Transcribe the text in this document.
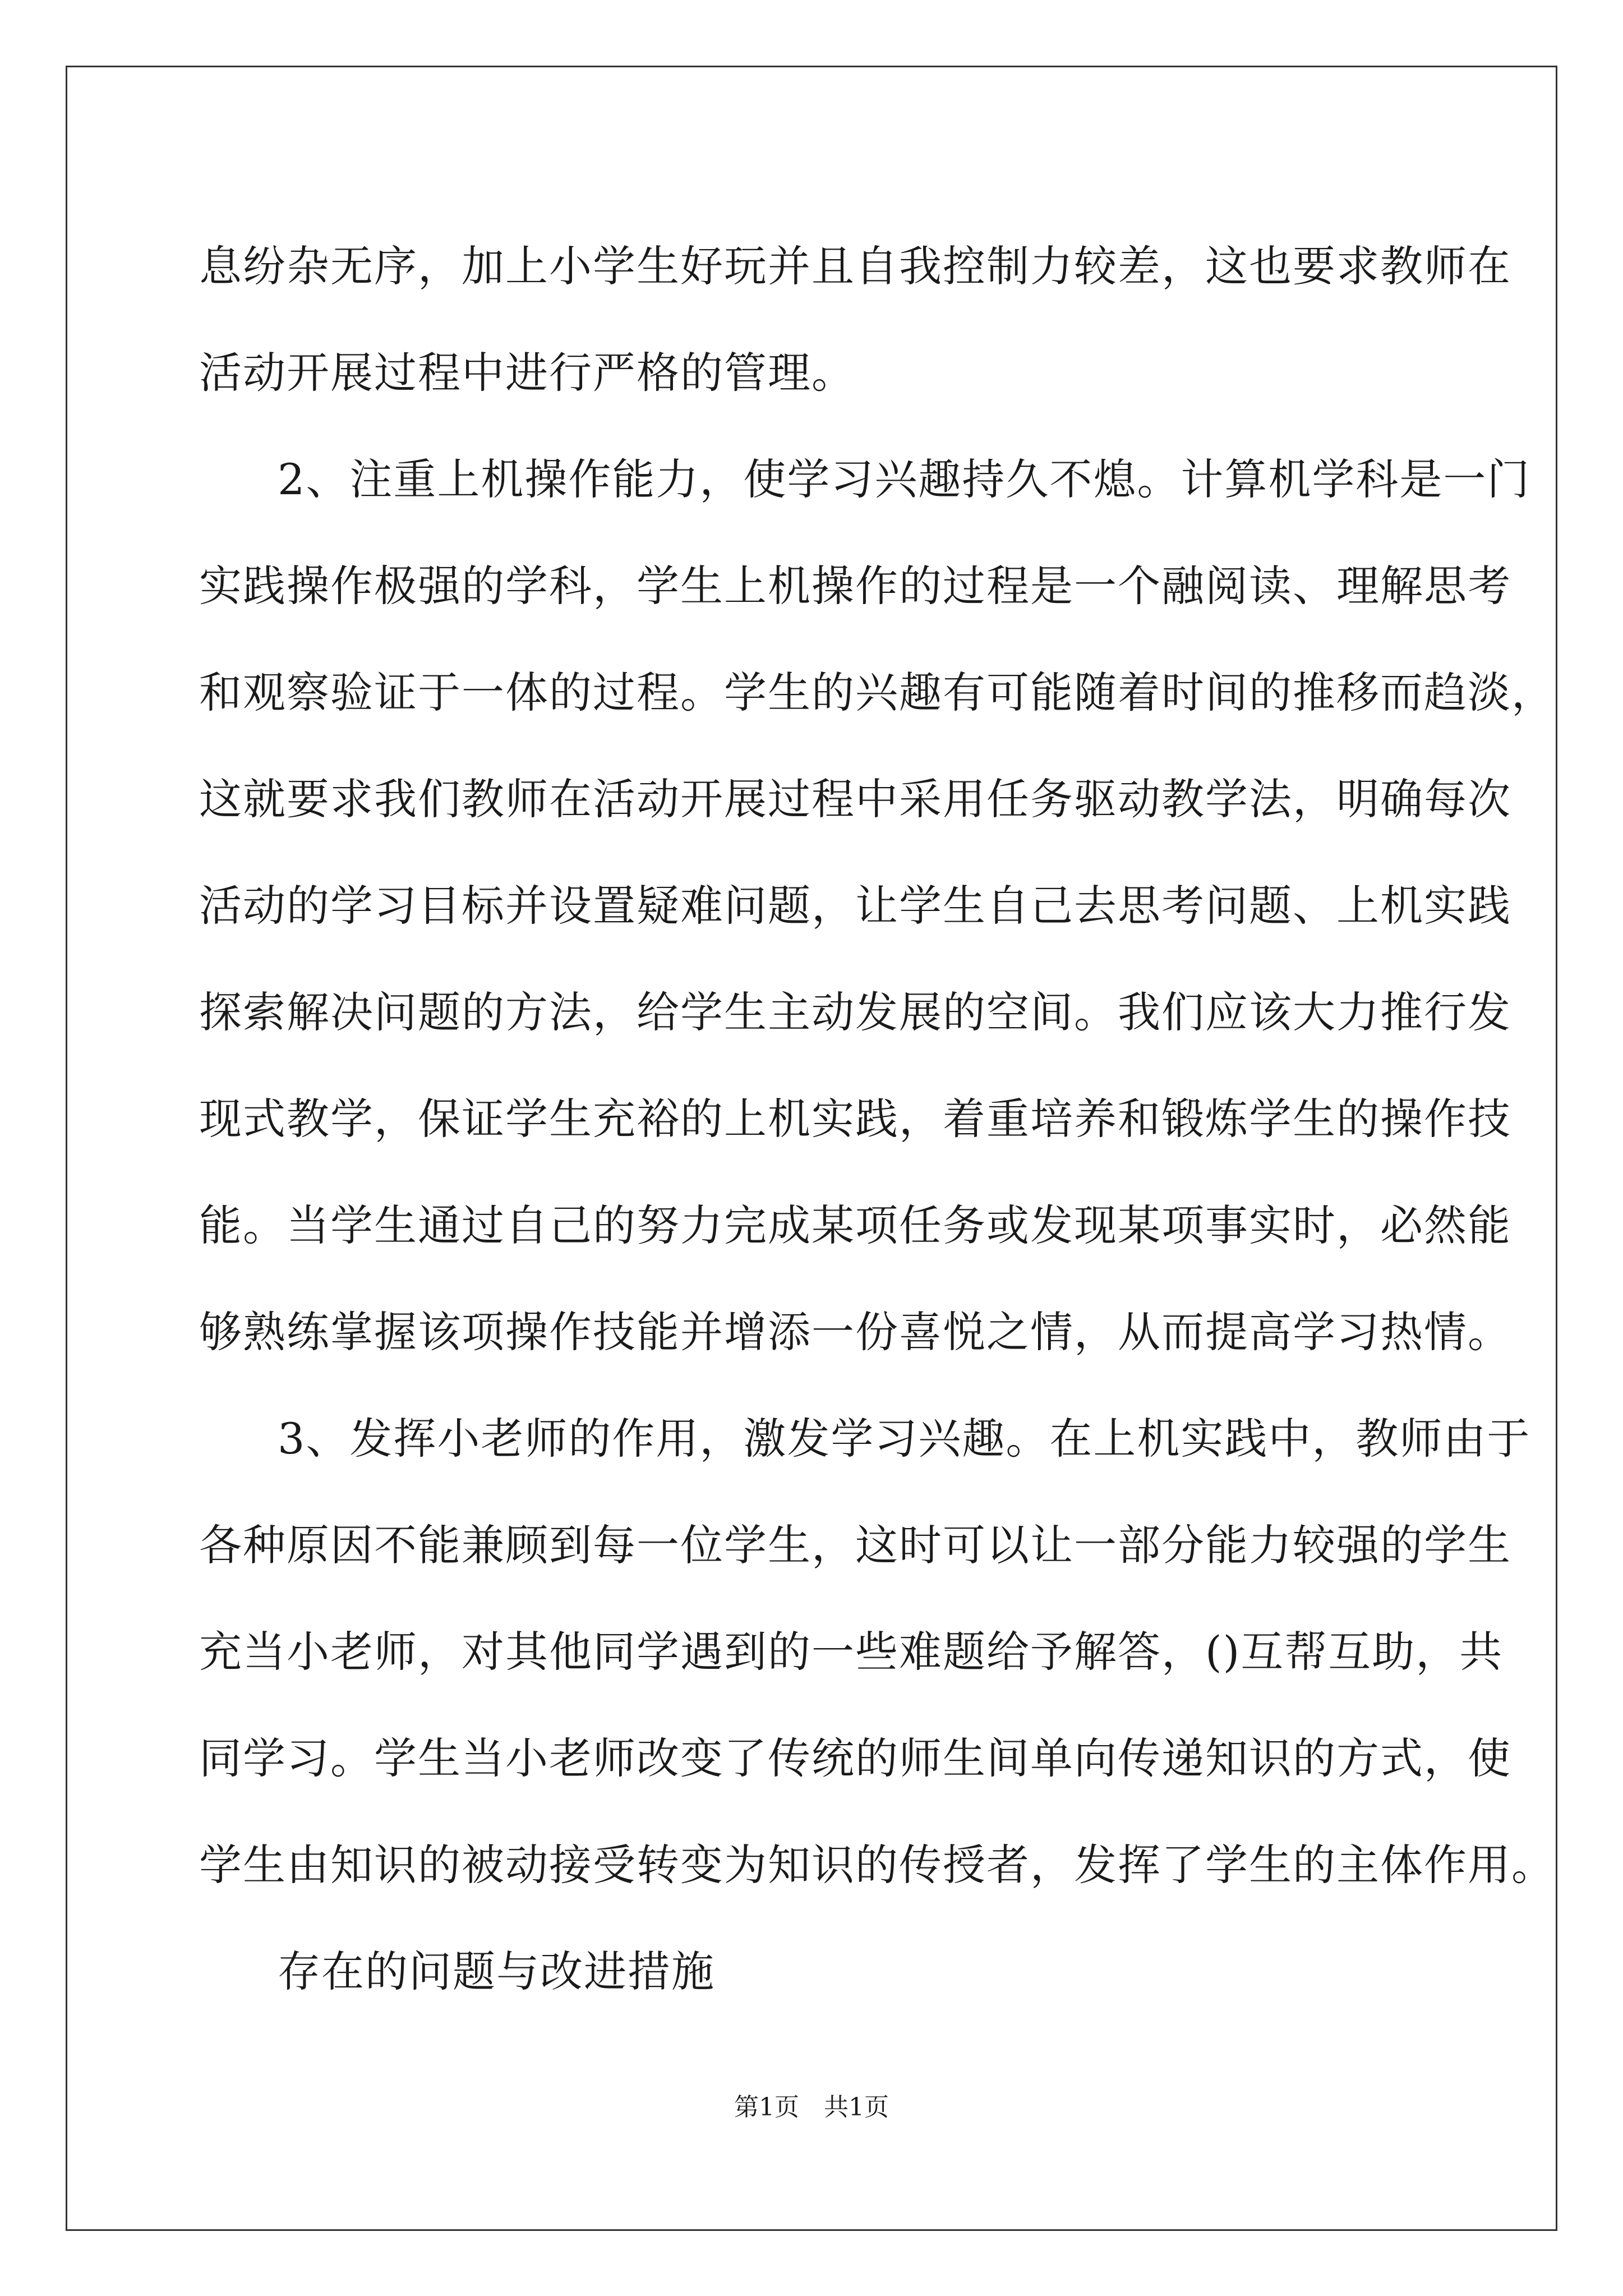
息纷杂无序，加上小学生好玩并且自我控制力较差，这也要求教师在
活动开展过程中进行严格的管理。
2、注重上机操作能力，使学习兴趣持久不熄。计算机学科是一门
实践操作极强的学科，学生上机操作的过程是一个融阅读、理解思考
和观察验证于一体的过程。学生的兴趣有可能随着时间的推移而趋淡，
这就要求我们教师在活动开展过程中采用任务驱动教学法，明确每次
活动的学习目标并设置疑难问题，让学生自己去思考问题、上机实践
探索解决问题的方法，给学生主动发展的空间。我们应该大力推行发
现式教学，保证学生充裕的上机实践，着重培养和锻炼学生的操作技
能。当学生通过自己的努力完成某项任务或发现某项事实时，必然能
够熟练掌握该项操作技能并增添一份喜悦之情，从而提高学习热情。
3、发挥小老师的作用，激发学习兴趣。在上机实践中，教师由于
各种原因不能兼顾到每一位学生，这时可以让一部分能力较强的学生
充当小老师，对其他同学遇到的一些难题给予解答，()互帮互助，共
同学习。学生当小老师改变了传统的师生间单向传递知识的方式，使
学生由知识的被动接受转变为知识的传授者，发挥了学生的主体作用。
存在的问题与改进措施
第1页　共1页
